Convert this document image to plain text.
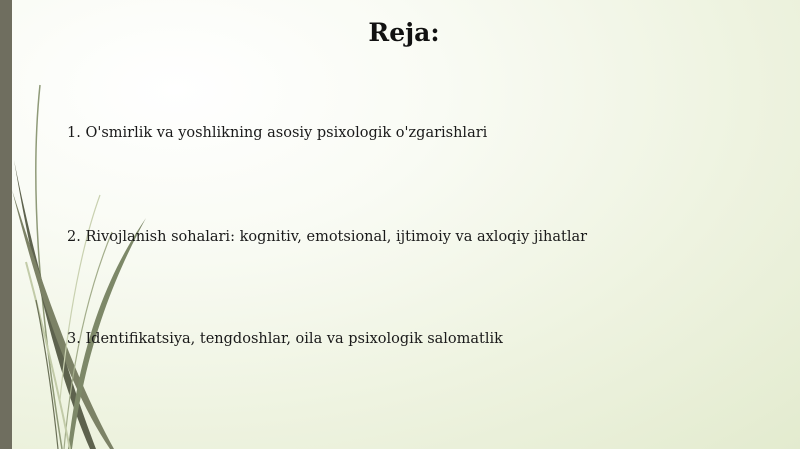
Reja:
1. O'smirlik va yoshlikning asosiy psixologik o'zgarishlari
2. Rivojlanish sohalari: kognitiv, emotsional, ijtimoiy va axloqiy jihatlar
3. Identifikatsiya, tengdoshlar, oila va psixologik salomatlik
